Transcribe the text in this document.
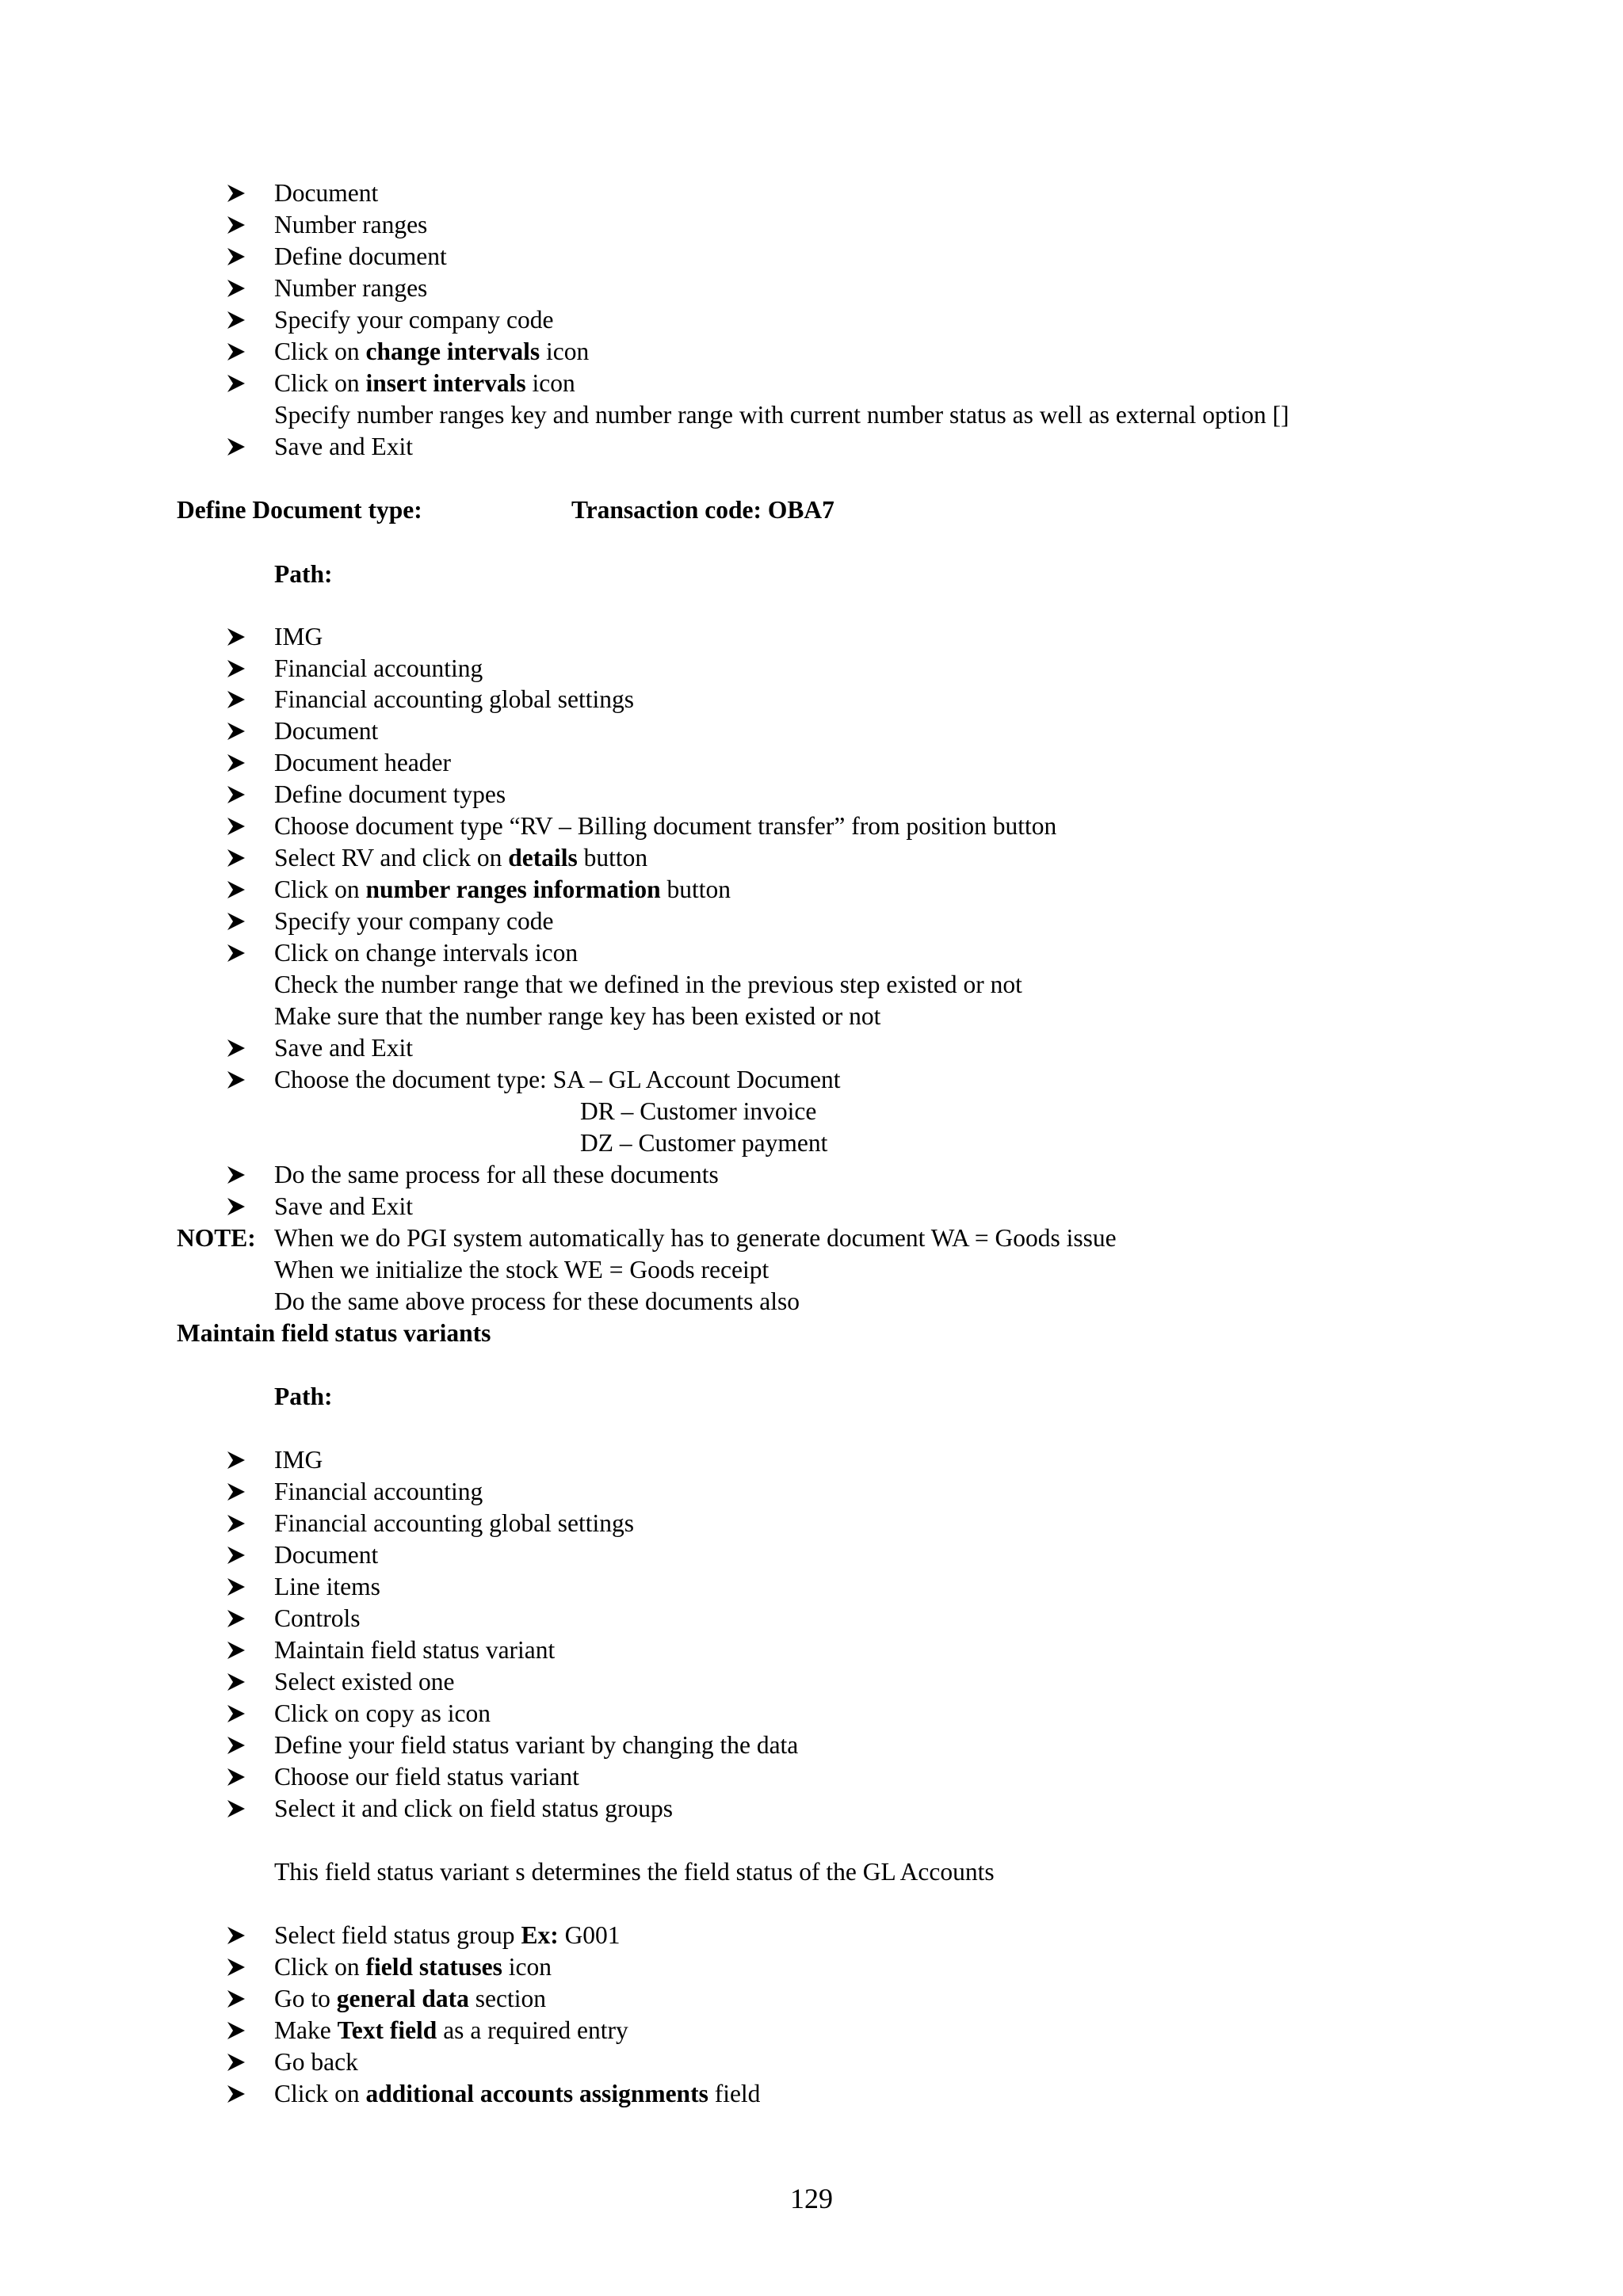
Document
Number ranges
Define document
Number ranges
Specify your company code
Click on change intervals icon
Click on insert intervals icon
Save and Exit
Specify number ranges key and number range with current number status as well as external option []
Define Document type:	Transaction code: OBA7
Path:
IMG
Financial accounting
Financial accounting global settings
Document
Document header
Define document types
Choose document type “RV – Billing document transfer” from position button
Select RV and click on details button
Click on number ranges information button
Specify your company code
Click on change intervals icon
Save and Exit
Choose the document type: SA – GL Account Document
Do the same process for all these documents
Save and Exit
Check the number range that we defined in the previous step existed or not
Make sure that the number range key has been existed or not
DR – Customer invoice
DZ – Customer payment
NOTE: When we do PGI system automatically has to generate document WA = Goods issue
When we initialize the stock WE = Goods receipt
Do the same above process for these documents also
Maintain field status variants
Path:
IMG
Financial accounting
Financial accounting global settings
Document
Line items
Controls
Maintain field status variant
Select existed one
Click on copy as icon
Define your field status variant by changing the data
Choose our field status variant
Select it and click on field status groups
This field status variant s determines the field status of the GL Accounts
Select field status group Ex: G001
Click on field statuses icon
Go to general data section
Make Text field as a required entry
Go back
Click on additional accounts assignments field
129
